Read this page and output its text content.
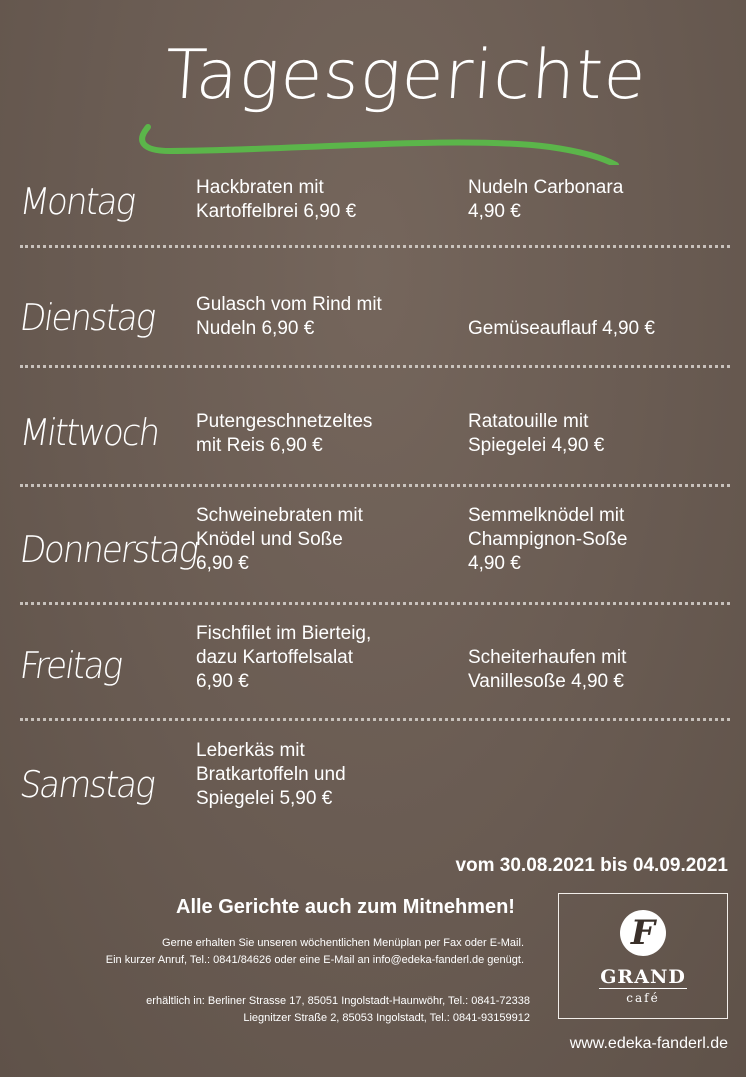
Tagesgerichte
Montag	Hackbraten mit
Kartoffelbrei 6,90 €
Nudeln Carbonara
4,90 €
Dienstag Gulasch vom Rind mit
Nudeln 6,90 €	Gemüseauflauf 4,90 €
Mittwoch Putengeschnetzeltes
mit Reis 6,90 €
Ratatouille mit
Spiegelei 4,90 €
Donnerstag
Schweinebraten mit
Knödel und Soße
6,90 €
Semmelknödel mit
Champignon-Soße
4,90 €
Freitag
Fischfilet im Bierteig,
dazu Kartoffelsalat
6,90 €
Scheiterhaufen mit
Vanillesoße 4,90 €
Samstag
Leberkäs mit
Bratkartoffeln und
Spiegelei 5,90 €
vom 30.08.2021 bis 04.09.2021
Alle Gerichte auch zum Mitnehmen!
Gerne erhalten Sie unseren wöchentlichen Menüplan per Fax oder E-Mail.
Ein kurzer Anruf, Tel.: 0841/84626 oder eine E-Mail an info@edeka-fanderl.de genügt.
erhältlich in: Berliner Strasse 17, 85051 Ingolstadt-Haunwöhr, Tel.: 0841-72338
Liegnitzer Straße 2, 85053 Ingolstadt, Tel.: 0841-93159912
F
GRAND
café
www.edeka-fanderl.de
